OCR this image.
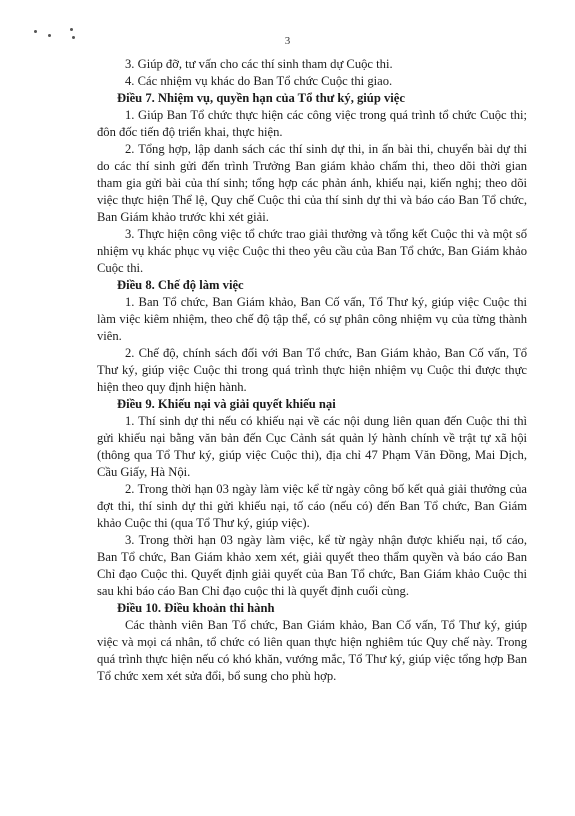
3

3. Giúp đỡ, tư vấn cho các thí sinh tham dự Cuộc thi.

4. Các nhiệm vụ khác do Ban Tổ chức Cuộc thi giao.

Điều 7. Nhiệm vụ, quyền hạn của Tổ thư ký, giúp việc

1. Giúp Ban Tổ chức thực hiện các công việc trong quá trình tổ chức Cuộc thi; đôn đốc tiến độ triển khai, thực hiện.

2. Tổng hợp, lập danh sách các thí sinh dự thi, in ấn bài thi, chuyển bài dự thi do các thí sinh gửi đến trình Trưởng Ban giám khảo chấm thi, theo dõi thời gian tham gia gửi bài của thí sinh; tổng hợp các phản ánh, khiếu nại, kiến nghị; theo dõi việc thực hiện Thể lệ, Quy chế Cuộc thi của thí sinh dự thi và báo cáo Ban Tổ chức, Ban Giám khảo trước khi xét giải.

3. Thực hiện công việc tổ chức trao giải thưởng và tổng kết Cuộc thi và một số nhiệm vụ khác phục vụ việc Cuộc thi theo yêu cầu của Ban Tổ chức, Ban Giám khảo Cuộc thi.

Điều 8. Chế độ làm việc

1. Ban Tổ chức, Ban Giám khảo, Ban Cố vấn, Tổ Thư ký, giúp việc Cuộc thi làm việc kiêm nhiệm, theo chế độ tập thể, có sự phân công nhiệm vụ của từng thành viên.

2. Chế độ, chính sách đối với Ban Tổ chức, Ban Giám khảo, Ban Cố vấn, Tổ Thư ký, giúp việc Cuộc thi trong quá trình thực hiện nhiệm vụ Cuộc thi được thực hiện theo quy định hiện hành.

Điều 9. Khiếu nại và giải quyết khiếu nại

1. Thí sinh dự thi nếu có khiếu nại về các nội dung liên quan đến Cuộc thi thì gửi khiếu nại bằng văn bản đến Cục Cảnh sát quản lý hành chính về trật tự xã hội (thông qua Tổ Thư ký, giúp việc Cuộc thi), địa chỉ 47 Phạm Văn Đồng, Mai Dịch, Cầu Giấy, Hà Nội.

2. Trong thời hạn 03 ngày làm việc kể từ ngày công bố kết quả giải thưởng của đợt thi, thí sinh dự thi gửi khiếu nại, tố cáo (nếu có) đến Ban Tổ chức, Ban Giám khảo Cuộc thi (qua Tổ Thư ký, giúp việc).

3. Trong thời hạn 03 ngày làm việc, kể từ ngày nhận được khiếu nại, tố cáo, Ban Tổ chức, Ban Giám khảo xem xét, giải quyết theo thẩm quyền và báo cáo Ban Chỉ đạo Cuộc thi. Quyết định giải quyết của Ban Tổ chức, Ban Giám khảo Cuộc thi sau khi báo cáo Ban Chỉ đạo cuộc thi là quyết định cuối cùng.

Điều 10. Điều khoản thi hành

Các thành viên Ban Tổ chức, Ban Giám khảo, Ban Cố vấn, Tổ Thư ký, giúp việc và mọi cá nhân, tổ chức có liên quan thực hiện nghiêm túc Quy chế này. Trong quá trình thực hiện nếu có khó khăn, vướng mắc, Tổ Thư ký, giúp việc tổng hợp Ban Tổ chức xem xét sửa đổi, bổ sung cho phù hợp.
